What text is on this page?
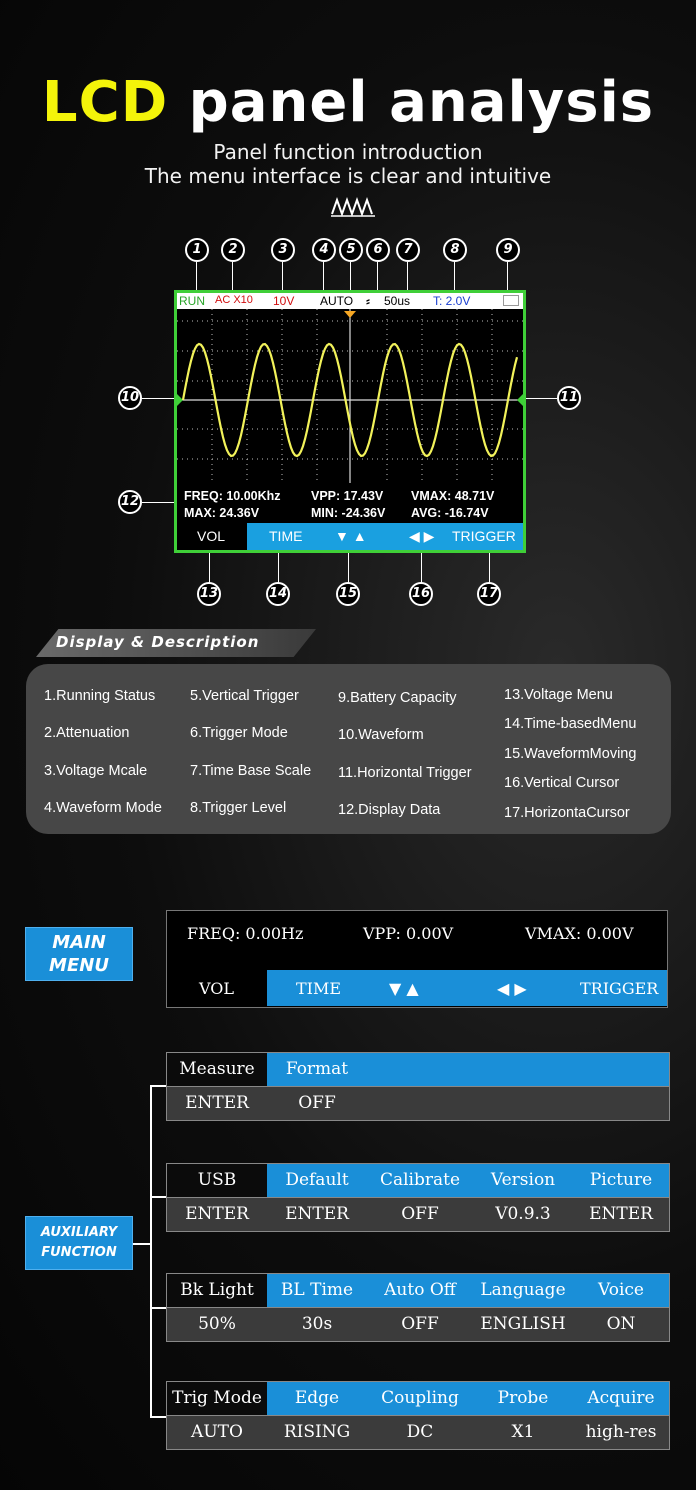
LCD panel analysis
Panel function introduction
The menu interface is clear and intuitive
1	2	3	4	5	6	7	8	9
10	11
12
RUN AC X10 10V AUTO ⸗ 50us T: 2.0V
FREQ: 10.00Khz VPP: 17.43V VMAX: 48.71V
MAX: 24.36V	MIN: -24.36V AVG: -16.74V
VOL	TIME ▼ ▲	◀ ▶ TRIGGER
13	14	15	16	17
Display & Description
1.Running Status
2.Attenuation
3.Voltage Mcale
4.Waveform Mode
5.Vertical Trigger
6.Trigger Mode
7.Time Base Scale
8.Trigger Level
9.Battery Capacity
10.Waveform
11.Horizontal Trigger
12.Display Data
13.Voltage Menu
14.Time-basedMenu
15.WaveformMoving
16.Vertical Cursor
17.HorizontaCursor
MAIN
MENU
FREQ: 0.00Hz	VPP: 0.00V	VMAX: 0.00V
VOL	TIME	▼ ▲	◀ ▶	TRIGGER
AUXILIARY
FUNCTION
Measure	Format
ENTER	OFF
USB	Default	Calibrate	Version	Picture
ENTER	ENTER	OFF	V0.9.3	ENTER
Bk Light	BL Time	Auto Off	Language	Voice
50%	30s	OFF	ENGLISH	ON
Trig Mode	Edge	Coupling	Probe	Acquire
AUTO	RISING	DC	X1	high-res
